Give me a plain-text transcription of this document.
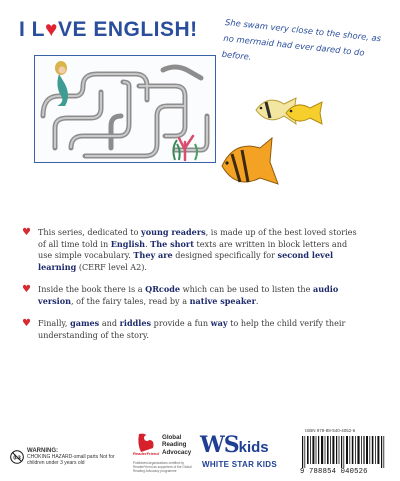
I L♥VE ENGLISH!	She swam very close to the shore, as no mermaid had ever dared to do before.
♥ This series, dedicated to young readers, is made up of the best loved stories of all time told in English. The short texts are written in block letters and use simple vocabulary. They are designed specifically for second level learning (CERF level A2).
♥ Inside the book there is a QRcode which can be used to listen the audio version, of the fairy tales, read by a native speaker.
♥ Finally, games and riddles provide a fun way to help the child verify their understanding of the story.
0-3
WARNING:
CHOKING HAZARD-small parts Not for children under 3 years old
ReaderFriend
Global
Reading
Advocacy
Publishers/organizations certified by ReaderFriend as supporters of the Global Reading Advocacy programme
WSkids
WHITE STAR KIDS
ISBN 978-88-540-4052-6
9 788854 040526
